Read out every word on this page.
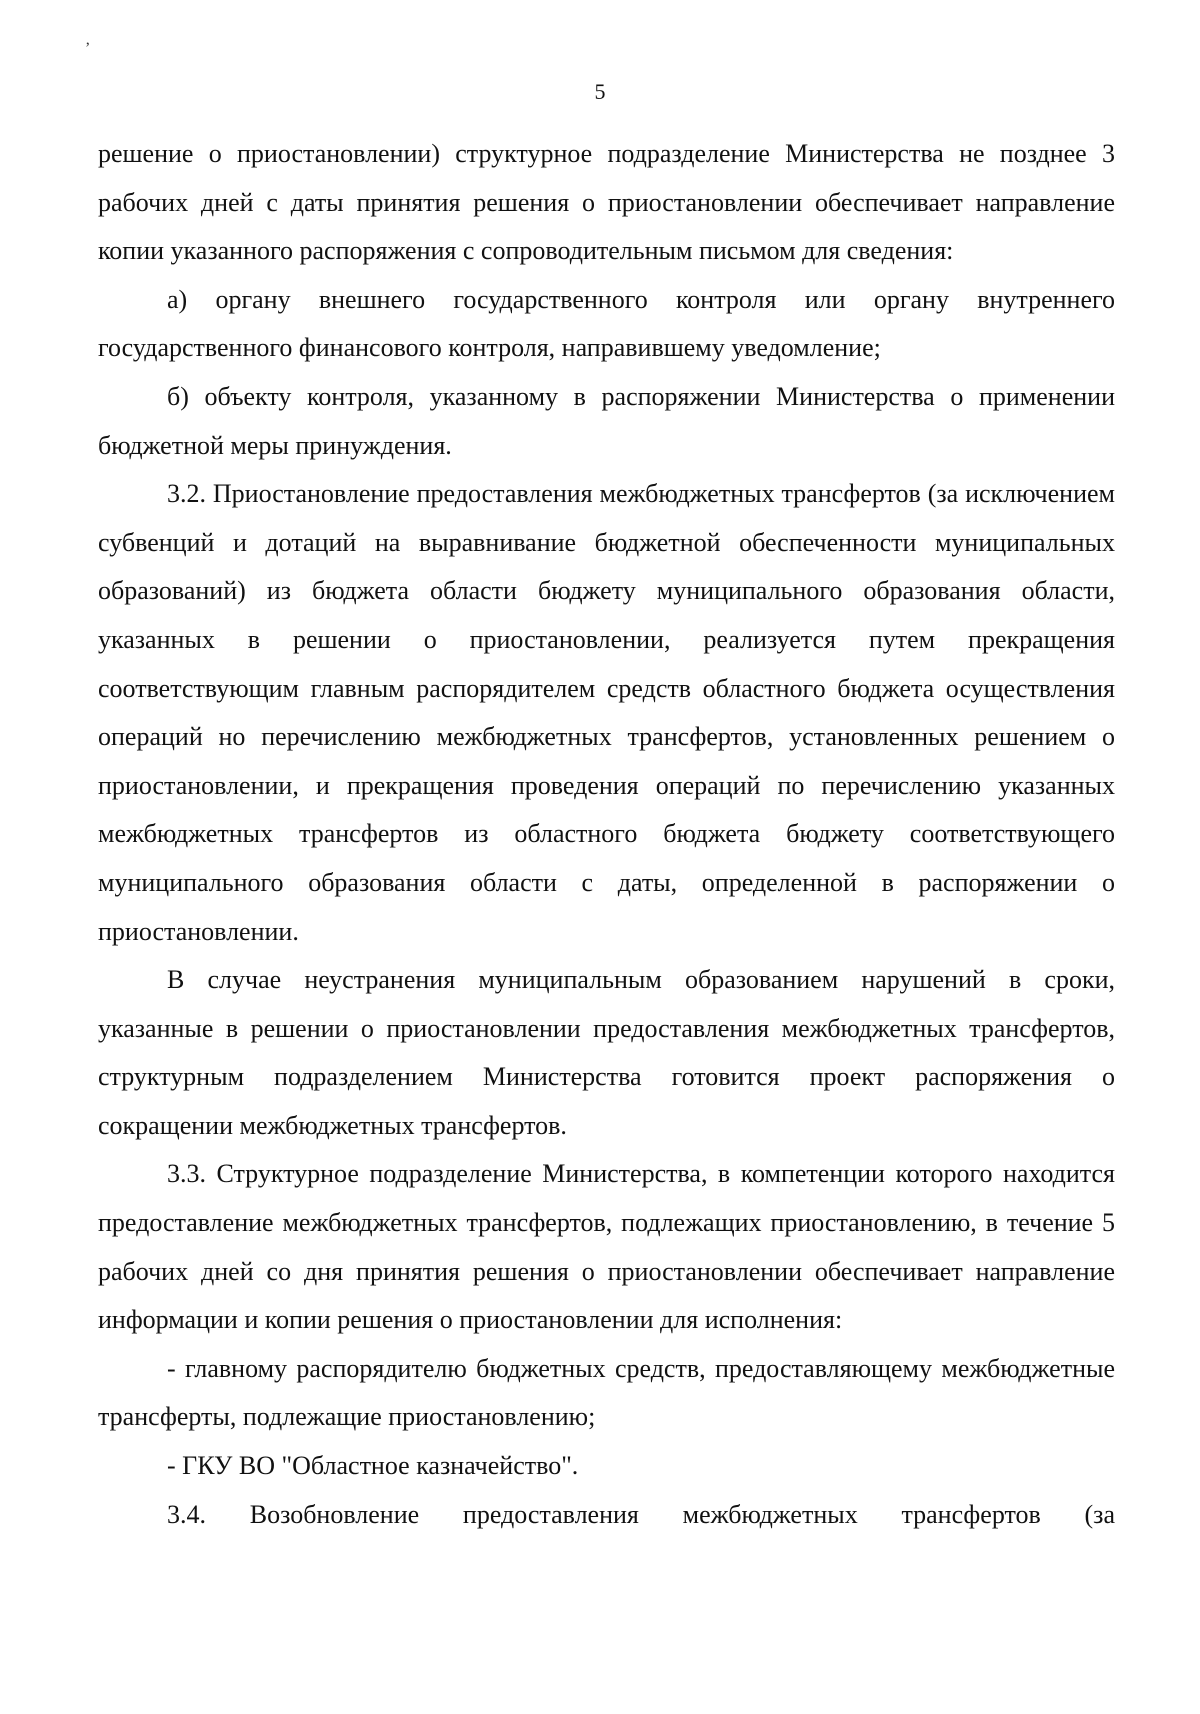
’
5

решение о приостановлении) структурное подразделение Министерства не позднее 3 рабочих дней с даты принятия решения о приостановлении обеспечивает направление копии указанного распоряжения с сопроводительным письмом для сведения:

а) органу внешнего государственного контроля или органу внутреннего государственного финансового контроля, направившему уведомление;

б) объекту контроля, указанному в распоряжении Министерства о применении бюджетной меры принуждения.

3.2. Приостановление предоставления межбюджетных трансфертов (за исключением субвенций и дотаций на выравнивание бюджетной обеспеченности муниципальных образований) из бюджета области бюджету муниципального образования области, указанных в решении о приостановлении, реализуется путем прекращения соответствующим главным распорядителем средств областного бюджета осуществления операций но перечислению межбюджетных трансфертов, установленных решением о приостановлении, и прекращения проведения операций по перечислению указанных межбюджетных трансфертов из областного бюджета бюджету соответствующего муниципального образования области с даты, определенной в распоряжении о приостановлении.

В случае неустранения муниципальным образованием нарушений в сроки, указанные в решении о приостановлении предоставления межбюджетных трансфертов, структурным подразделением Министерства готовится проект распоряжения о сокращении межбюджетных трансфертов.

3.3. Структурное подразделение Министерства, в компетенции которого находится предоставление межбюджетных трансфертов, подлежащих приостановлению, в течение 5 рабочих дней со дня принятия решения о приостановлении обеспечивает направление информации и копии решения о приостановлении для исполнения:

- главному распорядителю бюджетных средств, предоставляющему межбюджетные трансферты, подлежащие приостановлению;

- ГКУ ВО "Областное казначейство".

3.4. Возобновление предоставления межбюджетных трансфертов (за
